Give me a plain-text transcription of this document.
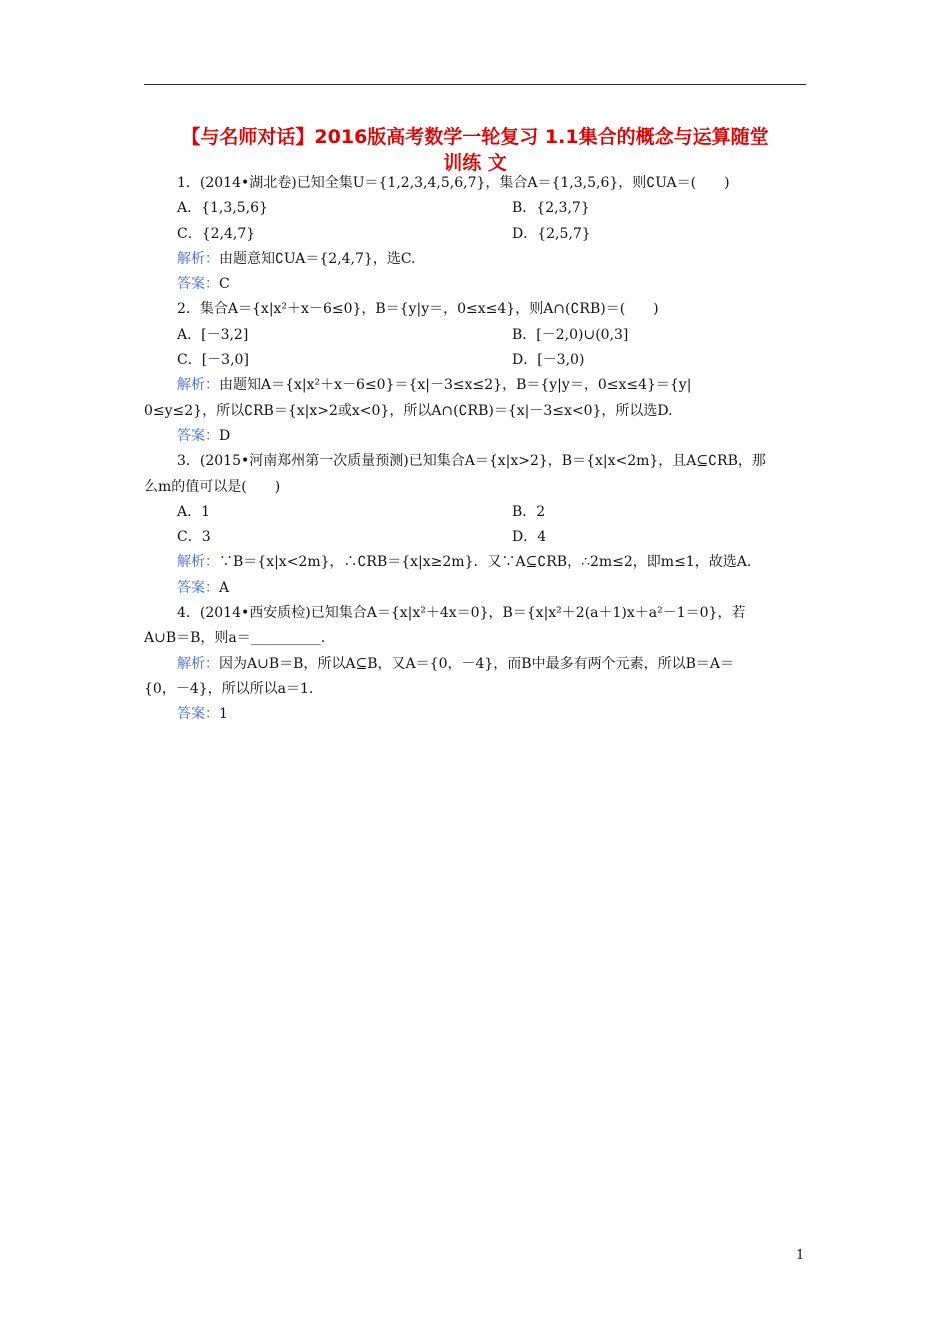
【与名师对话】2016版高考数学一轮复习 1.1集合的概念与运算随堂
训练 文
1．(2014•湖北卷)已知全集U＝{1,2,3,4,5,6,7}，集合A＝{1,3,5,6}，则∁UA＝(　　)
A．{1,3,5,6}	B．{2,3,7}
C．{2,4,7}	D．{2,5,7}
解析：由题意知∁UA＝{2,4,7}，选C.
答案：C
2．集合A＝{x|x²＋x－6≤0}，B＝{y|y＝，0≤x≤4}，则A∩(∁RB)＝(　　)
A．[－3,2]	B．[－2,0)∪(0,3]
C．[－3,0]	D．[－3,0)
解析：由题知A＝{x|x²＋x－6≤0}＝{x|－3≤x≤2}，B＝{y|y＝，0≤x≤4}＝{y|
0≤y≤2}，所以∁RB＝{x|x>2或x<0}，所以A∩(∁RB)＝{x|－3≤x<0}，所以选D.
答案：D
3．(2015•河南郑州第一次质量预测)已知集合A＝{x|x>2}，B＝{x|x<2m}，且A⊆∁RB，那
么m的值可以是(　　)
A．1	B．2
C．3	D．4
解析：∵B＝{x|x<2m}，∴∁RB＝{x|x≥2m}．又∵A⊆∁RB，∴2m≤2，即m≤1，故选A.
答案：A
4．(2014•西安质检)已知集合A＝{x|x²＋4x＝0}，B＝{x|x²＋2(a＋1)x＋a²－1＝0}，若
A∪B＝B，则a＝__________.
解析：因为A∪B＝B，所以A⊆B，又A＝{0，－4}，而B中最多有两个元素，所以B＝A＝
{0，－4}，所以所以a＝1.
答案：1
1
